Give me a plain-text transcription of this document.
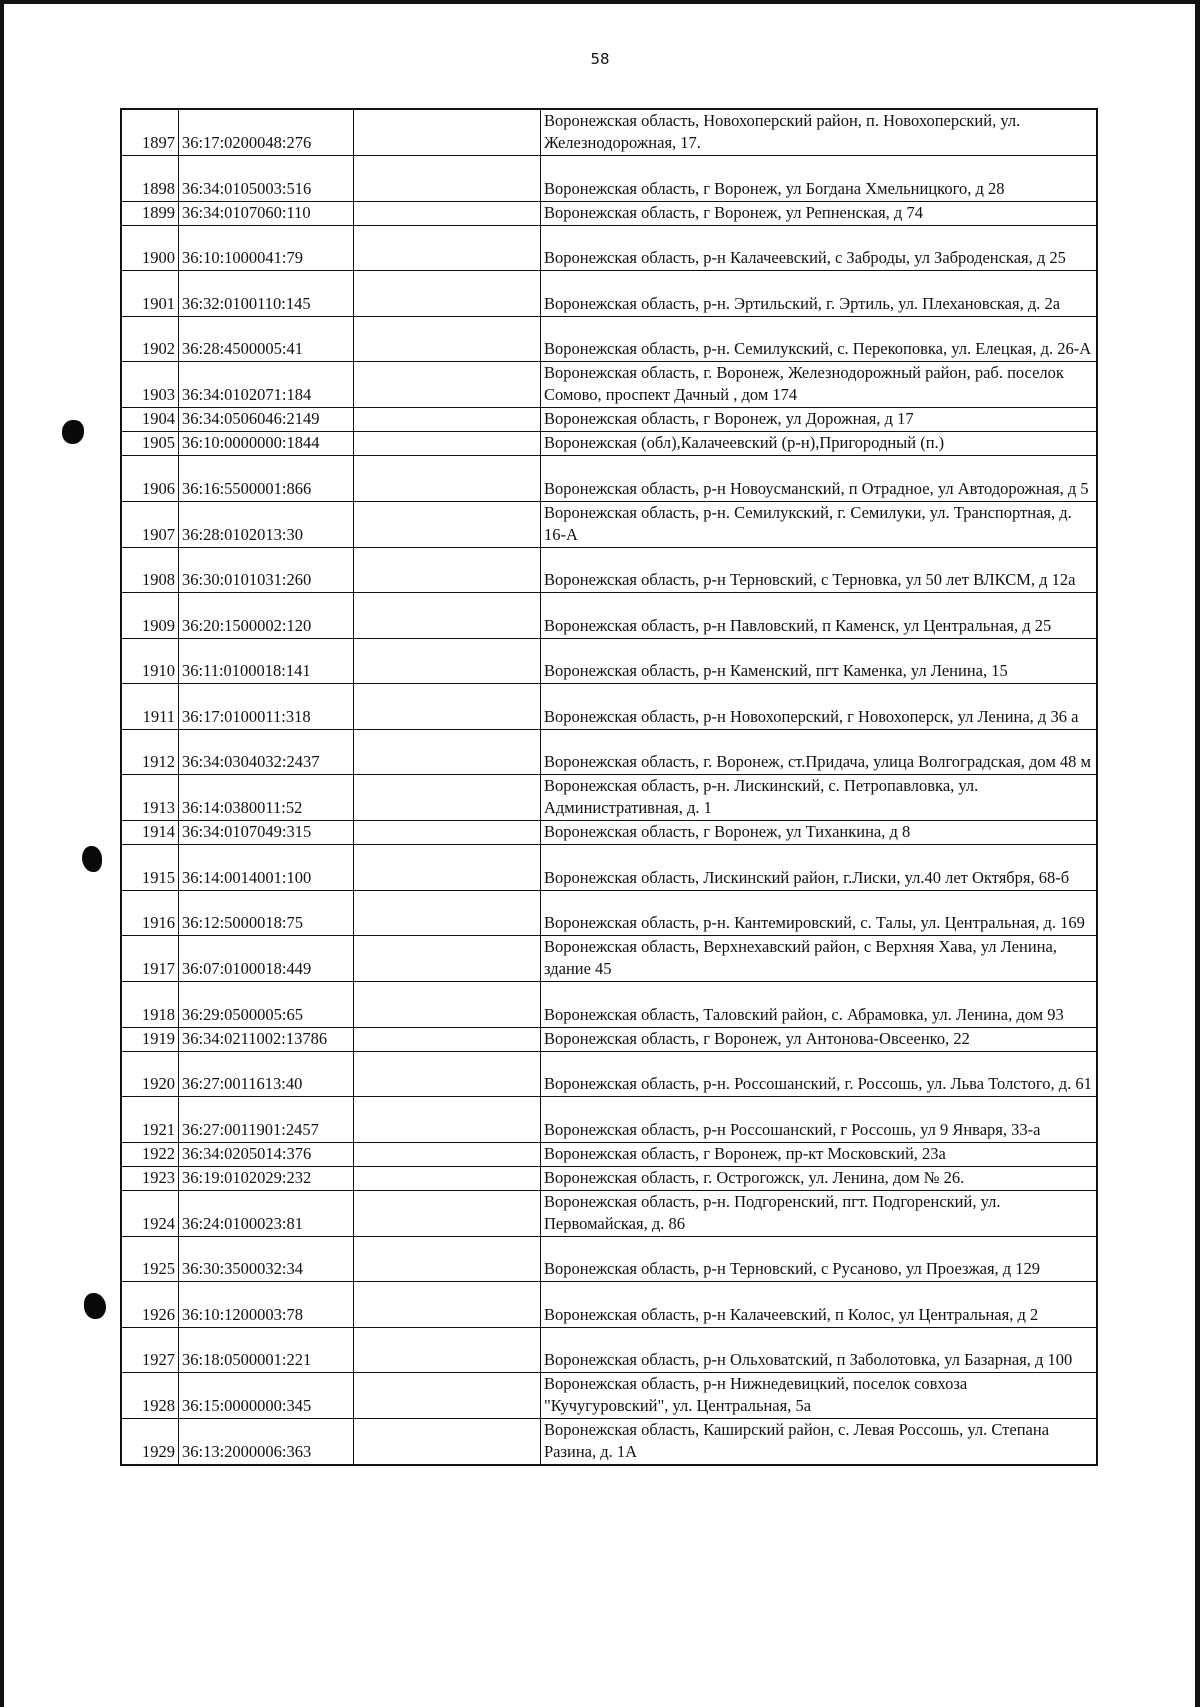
58
1897	36:17:0200048:276		Воронежская область, Новохоперский район, п. Новохоперский, ул. Железнодорожная, 17.
1898	36:34:0105003:516		Воронежская область, г Воронеж, ул Богдана Хмельницкого, д 28
1899	36:34:0107060:110		Воронежская область, г Воронеж, ул Репненская, д 74
1900	36:10:1000041:79		Воронежская область, р-н Калачеевский, с Заброды, ул Заброденская, д 25
1901	36:32:0100110:145		Воронежская область, р-н. Эртильский, г. Эртиль, ул. Плехановская, д. 2а
1902	36:28:4500005:41		Воронежская область, р-н. Семилукский, с. Перекоповка, ул. Елецкая, д. 26-А
1903	36:34:0102071:184		Воронежская область, г. Воронеж, Железнодорожный район, раб. поселок Сомово, проспект Дачный , дом 174
1904	36:34:0506046:2149		Воронежская область, г Воронеж, ул Дорожная, д 17
1905	36:10:0000000:1844		Воронежская (обл),Калачеевский (р-н),Пригородный (п.)
1906	36:16:5500001:866		Воронежская область, р-н Новоусманский, п Отрадное, ул Автодорожная, д 5
1907	36:28:0102013:30		Воронежская область, р-н. Семилукский, г. Семилуки, ул. Транспортная, д. 16-А
1908	36:30:0101031:260		Воронежская область, р-н Терновский, с Терновка, ул 50 лет ВЛКСМ, д 12а
1909	36:20:1500002:120		Воронежская область, р-н Павловский, п Каменск, ул Центральная, д 25
1910	36:11:0100018:141		Воронежская область, р-н Каменский, пгт Каменка, ул Ленина, 15
1911	36:17:0100011:318		Воронежская область, р-н Новохоперский, г Новохоперск, ул Ленина, д 36 а
1912	36:34:0304032:2437		Воронежская область, г. Воронеж, ст.Придача, улица Волгоградская, дом 48 м
1913	36:14:0380011:52		Воронежская область, р-н. Лискинский, с. Петропавловка, ул. Административная, д. 1
1914	36:34:0107049:315		Воронежская область, г Воронеж, ул Тиханкина, д 8
1915	36:14:0014001:100		Воронежская область, Лискинский район, г.Лиски, ул.40 лет Октября, 68-б
1916	36:12:5000018:75		Воронежская область, р-н. Кантемировский, с. Талы, ул. Центральная, д. 169
1917	36:07:0100018:449		Воронежская область, Верхнехавский район, с Верхняя Хава, ул Ленина, здание 45
1918	36:29:0500005:65		Воронежская область, Таловский район, с. Абрамовка, ул. Ленина, дом 93
1919	36:34:0211002:13786		Воронежская область, г Воронеж, ул Антонова-Овсеенко, 22
1920	36:27:0011613:40		Воронежская область, р-н. Россошанский, г. Россошь, ул. Льва Толстого, д. 61
1921	36:27:0011901:2457		Воронежская область, р-н Россошанский, г Россошь, ул 9 Января, 33-а
1922	36:34:0205014:376		Воронежская область, г Воронеж, пр-кт Московский, 23а
1923	36:19:0102029:232		Воронежская область, г. Острогожск, ул. Ленина, дом № 26.
1924	36:24:0100023:81		Воронежская область, р-н. Подгоренский, пгт. Подгоренский, ул. Первомайская, д. 86
1925	36:30:3500032:34		Воронежская область, р-н Терновский, с Русаново, ул Проезжая, д 129
1926	36:10:1200003:78		Воронежская область, р-н Калачеевский, п Колос, ул Центральная, д 2
1927	36:18:0500001:221		Воронежская область, р-н Ольховатский, п Заболотовка, ул Базарная, д 100
1928	36:15:0000000:345		Воронежская область, р-н Нижнедевицкий, поселок совхоза "Кучугуровский", ул. Центральная, 5а
1929	36:13:2000006:363		Воронежская область, Каширский район, с. Левая Россошь, ул. Степана Разина, д. 1А
